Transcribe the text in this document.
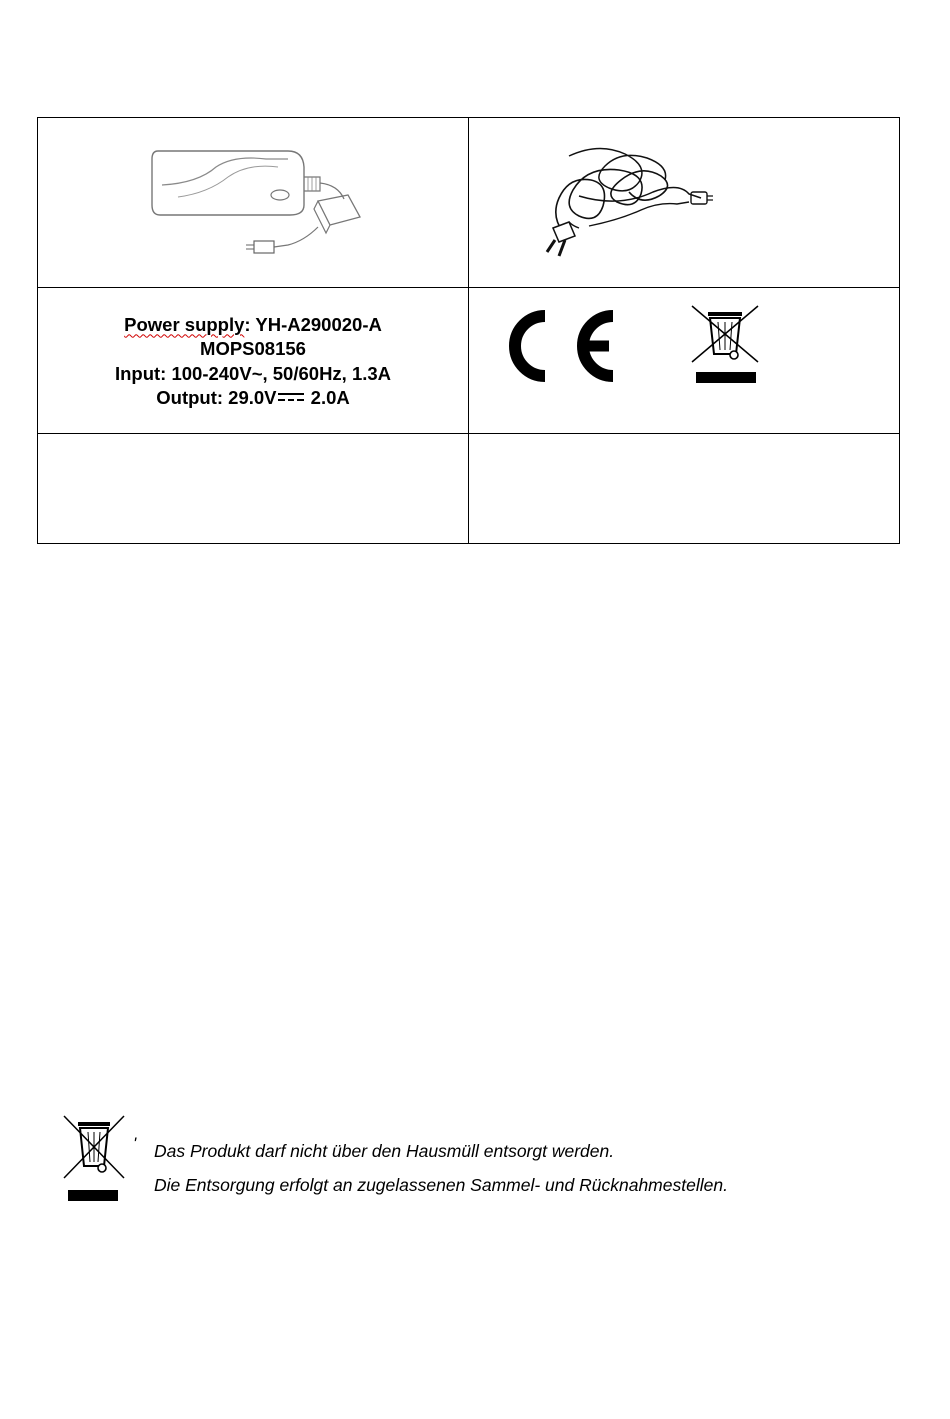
Power supply: YH-A290020-A
MOPS08156
Input: 100-240V~, 50/60Hz, 1.3A
Output: 29.0V 2.0A

' Das Produkt darf nicht über den Hausmüll entsorgt werden.
Die Entsorgung erfolgt an zugelassenen Sammel- und Rücknahmestellen.
